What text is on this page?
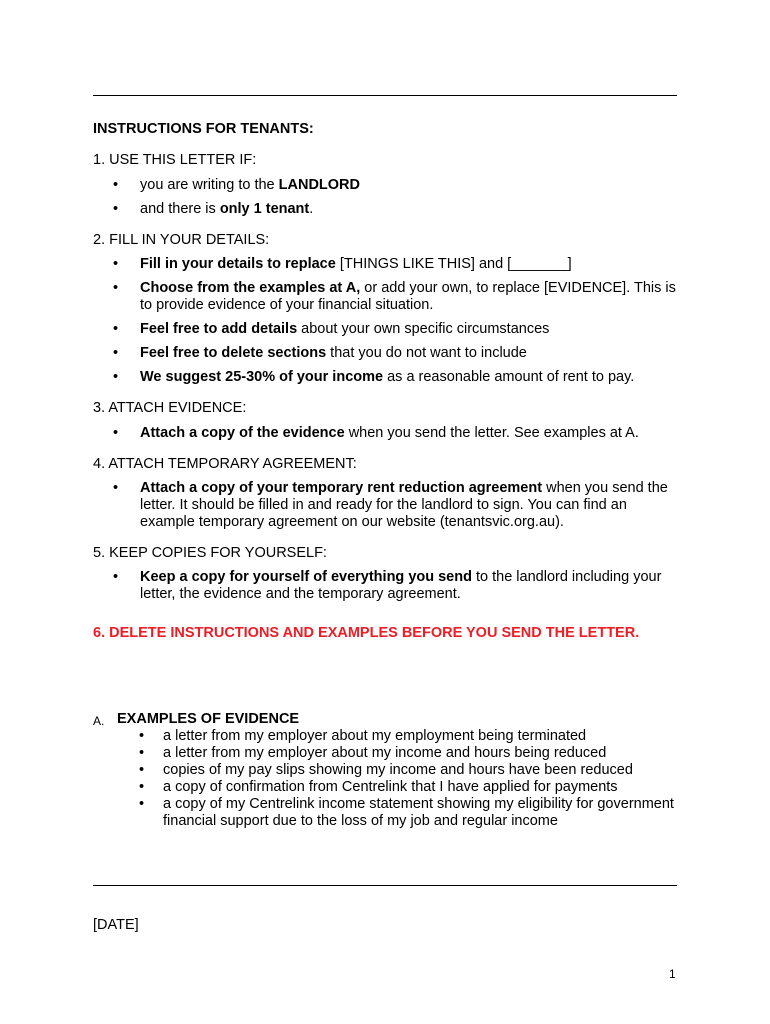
INSTRUCTIONS FOR TENANTS:
1. USE THIS LETTER IF:
• you are writing to the LANDLORD
• and there is only 1 tenant.
2. FILL IN YOUR DETAILS:
• Fill in your details to replace [THINGS LIKE THIS] and [_______]
• Choose from the examples at A, or add your own, to replace [EVIDENCE]. This is to provide evidence of your financial situation.
• Feel free to add details about your own specific circumstances
• Feel free to delete sections that you do not want to include
• We suggest 25-30% of your income as a reasonable amount of rent to pay.
3. ATTACH EVIDENCE:
• Attach a copy of the evidence when you send the letter. See examples at A.
4. ATTACH TEMPORARY AGREEMENT:
• Attach a copy of your temporary rent reduction agreement when you send the letter. It should be filled in and ready for the landlord to sign. You can find an example temporary agreement on our website (tenantsvic.org.au).
5. KEEP COPIES FOR YOURSELF:
• Keep a copy for yourself of everything you send to the landlord including your letter, the evidence and the temporary agreement.
6. DELETE INSTRUCTIONS AND EXAMPLES BEFORE YOU SEND THE LETTER.
A. EXAMPLES OF EVIDENCE
• a letter from my employer about my employment being terminated
• a letter from my employer about my income and hours being reduced
• copies of my pay slips showing my income and hours have been reduced
• a copy of confirmation from Centrelink that I have applied for payments
• a copy of my Centrelink income statement showing my eligibility for government financial support due to the loss of my job and regular income
[DATE]
1
